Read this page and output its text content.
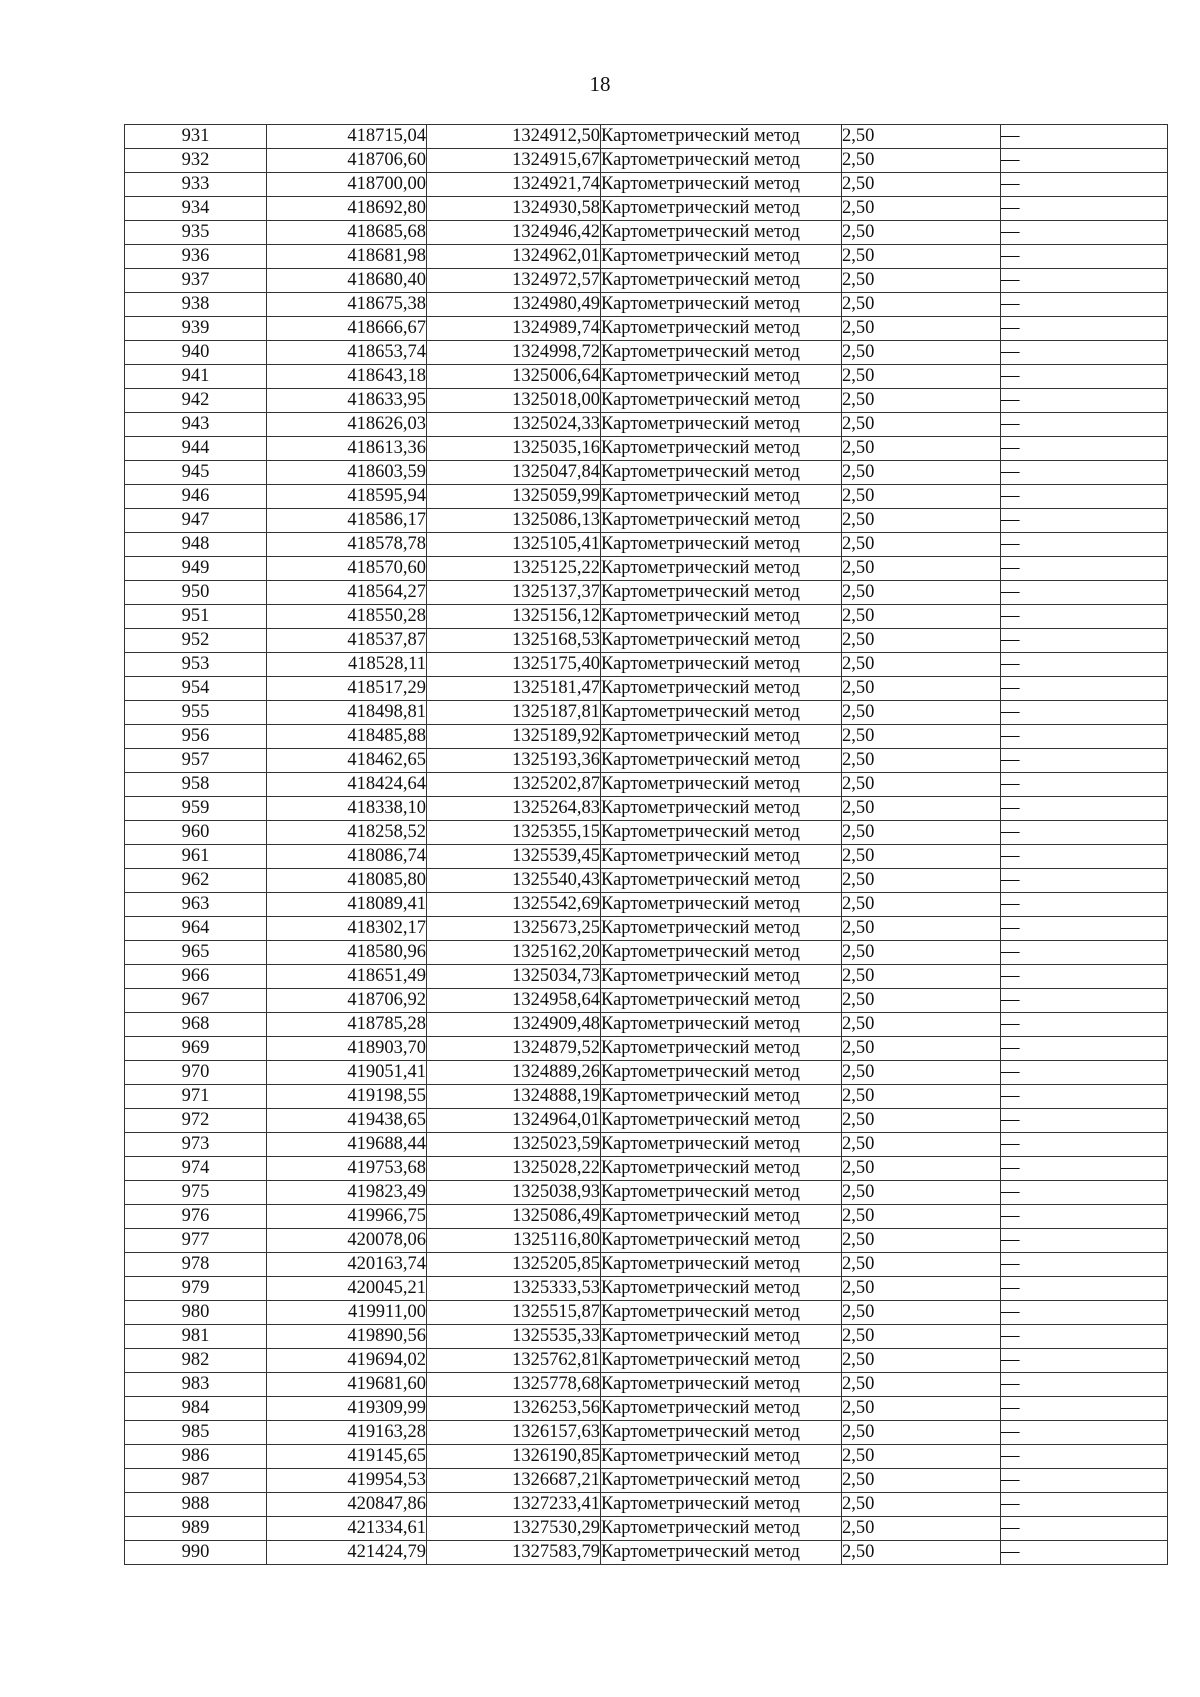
18
931	418715,04	1324912,50	Картометрический метод	2,50	—
932	418706,60	1324915,67	Картометрический метод	2,50	—
933	418700,00	1324921,74	Картометрический метод	2,50	—
934	418692,80	1324930,58	Картометрический метод	2,50	—
935	418685,68	1324946,42	Картометрический метод	2,50	—
936	418681,98	1324962,01	Картометрический метод	2,50	—
937	418680,40	1324972,57	Картометрический метод	2,50	—
938	418675,38	1324980,49	Картометрический метод	2,50	—
939	418666,67	1324989,74	Картометрический метод	2,50	—
940	418653,74	1324998,72	Картометрический метод	2,50	—
941	418643,18	1325006,64	Картометрический метод	2,50	—
942	418633,95	1325018,00	Картометрический метод	2,50	—
943	418626,03	1325024,33	Картометрический метод	2,50	—
944	418613,36	1325035,16	Картометрический метод	2,50	—
945	418603,59	1325047,84	Картометрический метод	2,50	—
946	418595,94	1325059,99	Картометрический метод	2,50	—
947	418586,17	1325086,13	Картометрический метод	2,50	—
948	418578,78	1325105,41	Картометрический метод	2,50	—
949	418570,60	1325125,22	Картометрический метод	2,50	—
950	418564,27	1325137,37	Картометрический метод	2,50	—
951	418550,28	1325156,12	Картометрический метод	2,50	—
952	418537,87	1325168,53	Картометрический метод	2,50	—
953	418528,11	1325175,40	Картометрический метод	2,50	—
954	418517,29	1325181,47	Картометрический метод	2,50	—
955	418498,81	1325187,81	Картометрический метод	2,50	—
956	418485,88	1325189,92	Картометрический метод	2,50	—
957	418462,65	1325193,36	Картометрический метод	2,50	—
958	418424,64	1325202,87	Картометрический метод	2,50	—
959	418338,10	1325264,83	Картометрический метод	2,50	—
960	418258,52	1325355,15	Картометрический метод	2,50	—
961	418086,74	1325539,45	Картометрический метод	2,50	—
962	418085,80	1325540,43	Картометрический метод	2,50	—
963	418089,41	1325542,69	Картометрический метод	2,50	—
964	418302,17	1325673,25	Картометрический метод	2,50	—
965	418580,96	1325162,20	Картометрический метод	2,50	—
966	418651,49	1325034,73	Картометрический метод	2,50	—
967	418706,92	1324958,64	Картометрический метод	2,50	—
968	418785,28	1324909,48	Картометрический метод	2,50	—
969	418903,70	1324879,52	Картометрический метод	2,50	—
970	419051,41	1324889,26	Картометрический метод	2,50	—
971	419198,55	1324888,19	Картометрический метод	2,50	—
972	419438,65	1324964,01	Картометрический метод	2,50	—
973	419688,44	1325023,59	Картометрический метод	2,50	—
974	419753,68	1325028,22	Картометрический метод	2,50	—
975	419823,49	1325038,93	Картометрический метод	2,50	—
976	419966,75	1325086,49	Картометрический метод	2,50	—
977	420078,06	1325116,80	Картометрический метод	2,50	—
978	420163,74	1325205,85	Картометрический метод	2,50	—
979	420045,21	1325333,53	Картометрический метод	2,50	—
980	419911,00	1325515,87	Картометрический метод	2,50	—
981	419890,56	1325535,33	Картометрический метод	2,50	—
982	419694,02	1325762,81	Картометрический метод	2,50	—
983	419681,60	1325778,68	Картометрический метод	2,50	—
984	419309,99	1326253,56	Картометрический метод	2,50	—
985	419163,28	1326157,63	Картометрический метод	2,50	—
986	419145,65	1326190,85	Картометрический метод	2,50	—
987	419954,53	1326687,21	Картометрический метод	2,50	—
988	420847,86	1327233,41	Картометрический метод	2,50	—
989	421334,61	1327530,29	Картометрический метод	2,50	—
990	421424,79	1327583,79	Картометрический метод	2,50	—
